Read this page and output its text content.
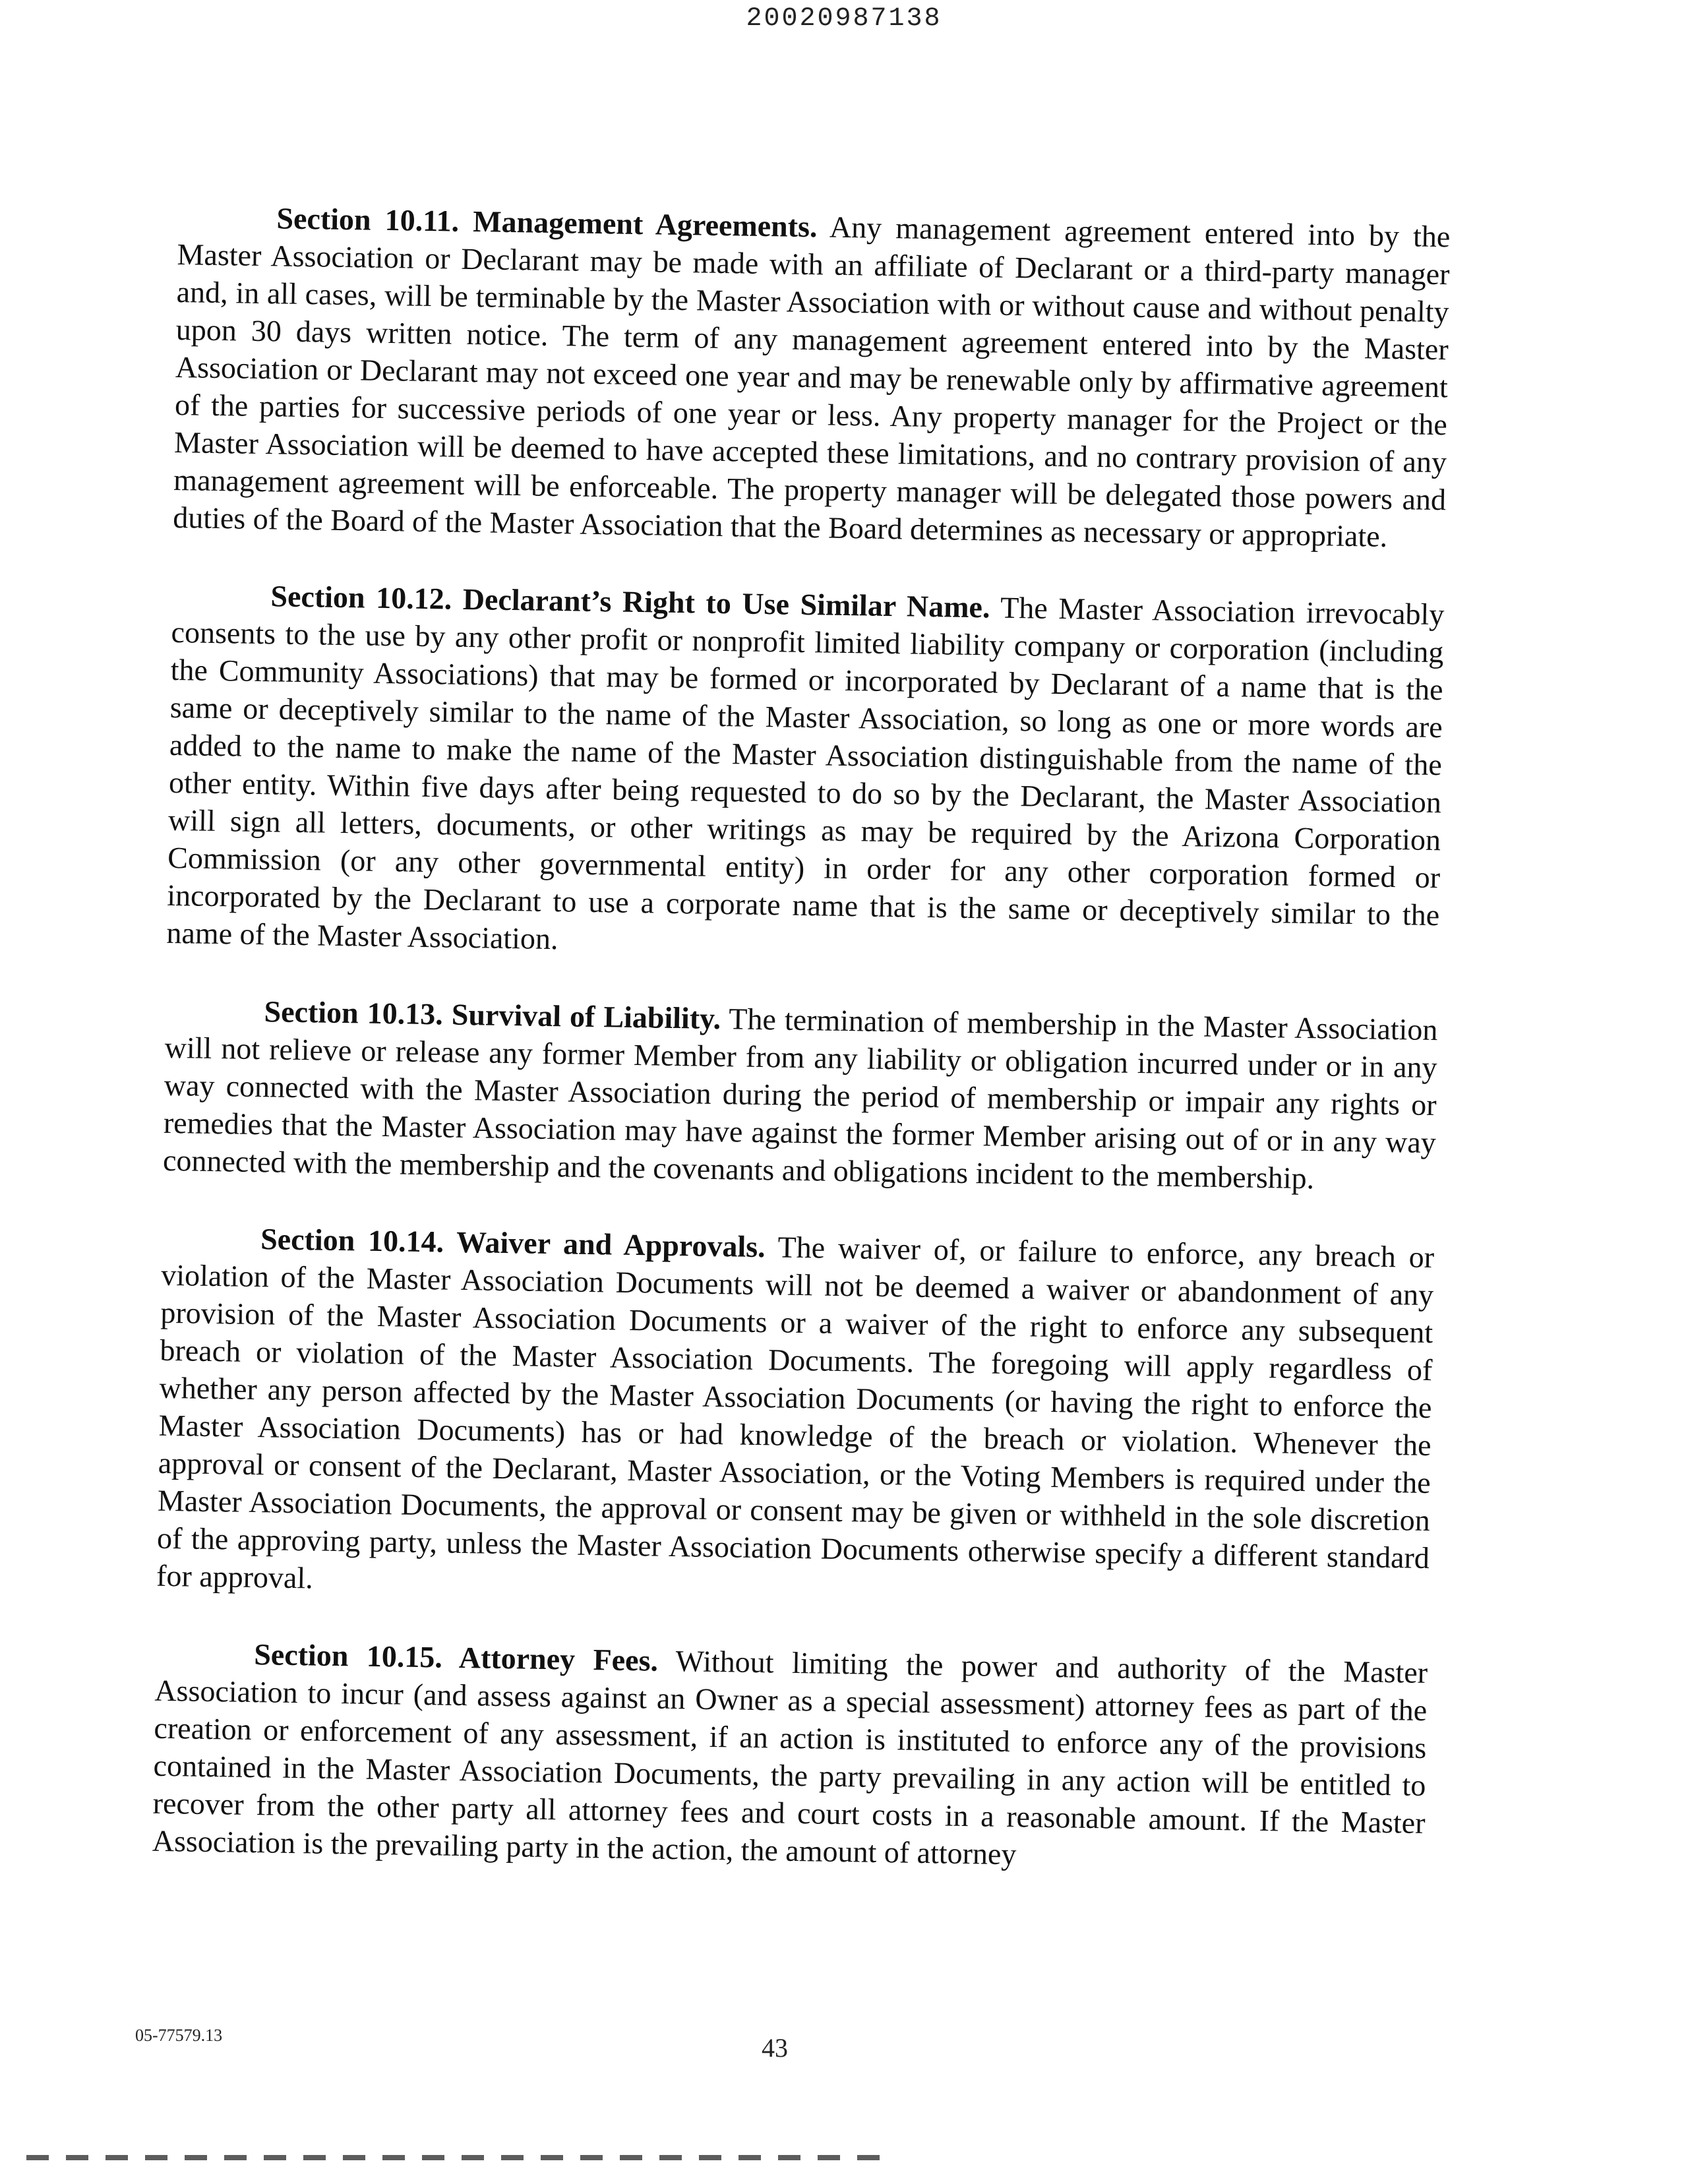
20020987138

Section 10.11. Management Agreements. Any management agreement entered into by the Master Association or Declarant may be made with an affiliate of Declarant or a third-party manager and, in all cases, will be terminable by the Master Association with or without cause and without penalty upon 30 days written notice. The term of any management agreement entered into by the Master Association or Declarant may not exceed one year and may be renewable only by affirmative agreement of the parties for successive periods of one year or less. Any property manager for the Project or the Master Association will be deemed to have accepted these limitations, and no contrary provision of any management agreement will be enforceable. The property manager will be delegated those powers and duties of the Board of the Master Association that the Board determines as necessary or appropriate.

Section 10.12. Declarant’s Right to Use Similar Name. The Master Association irrevocably consents to the use by any other profit or nonprofit limited liability company or corporation (including the Community Associations) that may be formed or incorporated by Declarant of a name that is the same or deceptively similar to the name of the Master Association, so long as one or more words are added to the name to make the name of the Master Association distinguishable from the name of the other entity. Within five days after being requested to do so by the Declarant, the Master Association will sign all letters, documents, or other writings as may be required by the Arizona Corporation Commission (or any other governmental entity) in order for any other corporation formed or incorporated by the Declarant to use a corporate name that is the same or deceptively similar to the name of the Master Association.

Section 10.13. Survival of Liability. The termination of membership in the Master Association will not relieve or release any former Member from any liability or obligation incurred under or in any way connected with the Master Association during the period of membership or impair any rights or remedies that the Master Association may have against the former Member arising out of or in any way connected with the membership and the covenants and obligations incident to the membership.

Section 10.14. Waiver and Approvals. The waiver of, or failure to enforce, any breach or violation of the Master Association Documents will not be deemed a waiver or abandonment of any provision of the Master Association Documents or a waiver of the right to enforce any subsequent breach or violation of the Master Association Documents. The foregoing will apply regardless of whether any person affected by the Master Association Documents (or having the right to enforce the Master Association Documents) has or had knowledge of the breach or violation. Whenever the approval or consent of the Declarant, Master Association, or the Voting Members is required under the Master Association Documents, the approval or consent may be given or withheld in the sole discretion of the approving party, unless the Master Association Documents otherwise specify a different standard for approval.

Section 10.15. Attorney Fees. Without limiting the power and authority of the Master Association to incur (and assess against an Owner as a special assessment) attorney fees as part of the creation or enforcement of any assessment, if an action is instituted to enforce any of the provisions contained in the Master Association Documents, the party prevailing in any action will be entitled to recover from the other party all attorney fees and court costs in a reasonable amount. If the Master Association is the prevailing party in the action, the amount of attorney

05-77579.13	43
